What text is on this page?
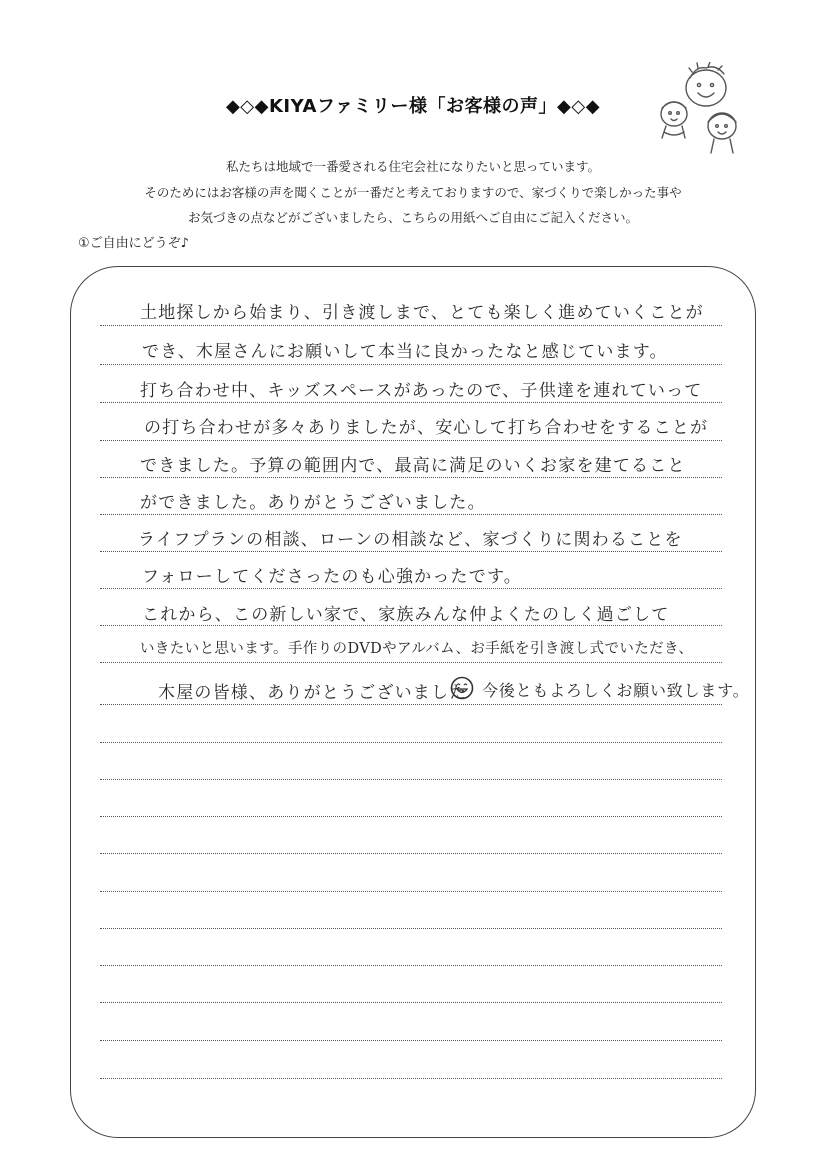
◆◇◆KIYAファミリー様「お客様の声」◆◇◆
私たちは地域で一番愛される住宅会社になりたいと思っています。
そのためにはお客様の声を聞くことが一番だと考えておりますので、家づくりで楽しかった事や
お気づきの点などがございましたら、こちらの用紙へご自由にご記入ください。
①ご自由にどうぞ♪
土地探しから始まり、引き渡しまで、とても楽しく進めていくことが
でき、木屋さんにお願いして本当に良かったなと感じています。
打ち合わせ中、キッズスペースがあったので、子供達を連れていって
の打ち合わせが多々ありましたが、安心して打ち合わせをすることが
できました。予算の範囲内で、最高に満足のいくお家を建てること
ができました。ありがとうございました。
ライフプランの相談、ローンの相談など、家づくりに関わることを
フォローしてくださったのも心強かったです。
これから、この新しい家で、家族みんな仲よくたのしく過ごして
いきたいと思います。手作りのDVDやアルバム、お手紙を引き渡し式でいただき、
木屋の皆様、ありがとうございました 今後ともよろしくお願い致します。
